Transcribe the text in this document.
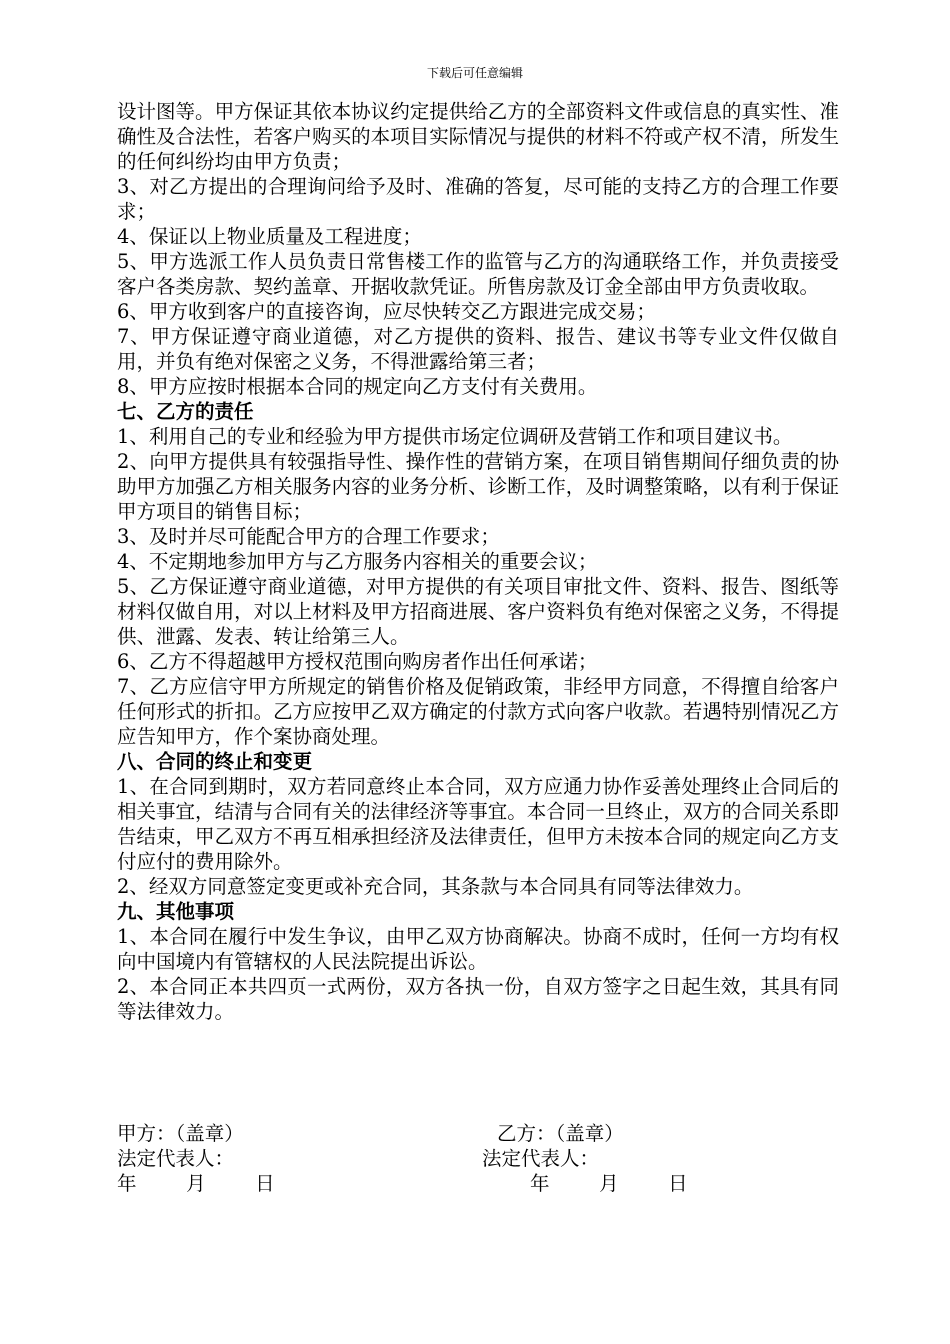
下载后可任意编辑

设计图等。甲方保证其依本协议约定提供给乙方的全部资料文件或信息的真实性、准确性及合法性，若客户购买的本项目实际情况与提供的材料不符或产权不清，所发生的任何纠纷均由甲方负责；

3、对乙方提出的合理询问给予及时、准确的答复，尽可能的支持乙方的合理工作要求；

4、保证以上物业质量及工程进度；

5、甲方选派工作人员负责日常售楼工作的监管与乙方的沟通联络工作，并负责接受客户各类房款、契约盖章、开据收款凭证。所售房款及订金全部由甲方负责收取。

6、甲方收到客户的直接咨询，应尽快转交乙方跟进完成交易；

7、甲方保证遵守商业道德，对乙方提供的资料、报告、建议书等专业文件仅做自用，并负有绝对保密之义务，不得泄露给第三者；

8、甲方应按时根据本合同的规定向乙方支付有关费用。

七、乙方的责任

1、利用自己的专业和经验为甲方提供市场定位调研及营销工作和项目建议书。

2、向甲方提供具有较强指导性、操作性的营销方案，在项目销售期间仔细负责的协助甲方加强乙方相关服务内容的业务分析、诊断工作，及时调整策略，以有利于保证甲方项目的销售目标；

3、及时并尽可能配合甲方的合理工作要求；

4、不定期地参加甲方与乙方服务内容相关的重要会议；

5、乙方保证遵守商业道德，对甲方提供的有关项目审批文件、资料、报告、图纸等材料仅做自用，对以上材料及甲方招商进展、客户资料负有绝对保密之义务，不得提供、泄露、发表、转让给第三人。

6、乙方不得超越甲方授权范围向购房者作出任何承诺；

7、乙方应信守甲方所规定的销售价格及促销政策，非经甲方同意，不得擅自给客户任何形式的折扣。乙方应按甲乙双方确定的付款方式向客户收款。若遇特别情况乙方应告知甲方，作个案协商处理。

八、合同的终止和变更

1、在合同到期时，双方若同意终止本合同，双方应通力协作妥善处理终止合同后的相关事宜，结清与合同有关的法律经济等事宜。本合同一旦终止，双方的合同关系即告结束，甲乙双方不再互相承担经济及法律责任，但甲方未按本合同的规定向乙方支付应付的费用除外。

2、经双方同意签定变更或补充合同，其条款与本合同具有同等法律效力。

九、其他事项

1、本合同在履行中发生争议，由甲乙双方协商解决。协商不成时，任何一方均有权向中国境内有管辖权的人民法院提出诉讼。

2、本合同正本共四页一式两份，双方各执一份，自双方签字之日起生效，其具有同等法律效力。

甲方：（盖章）
法定代表人：
年        月        日
乙方：（盖章）
法定代表人：
年        月        日
